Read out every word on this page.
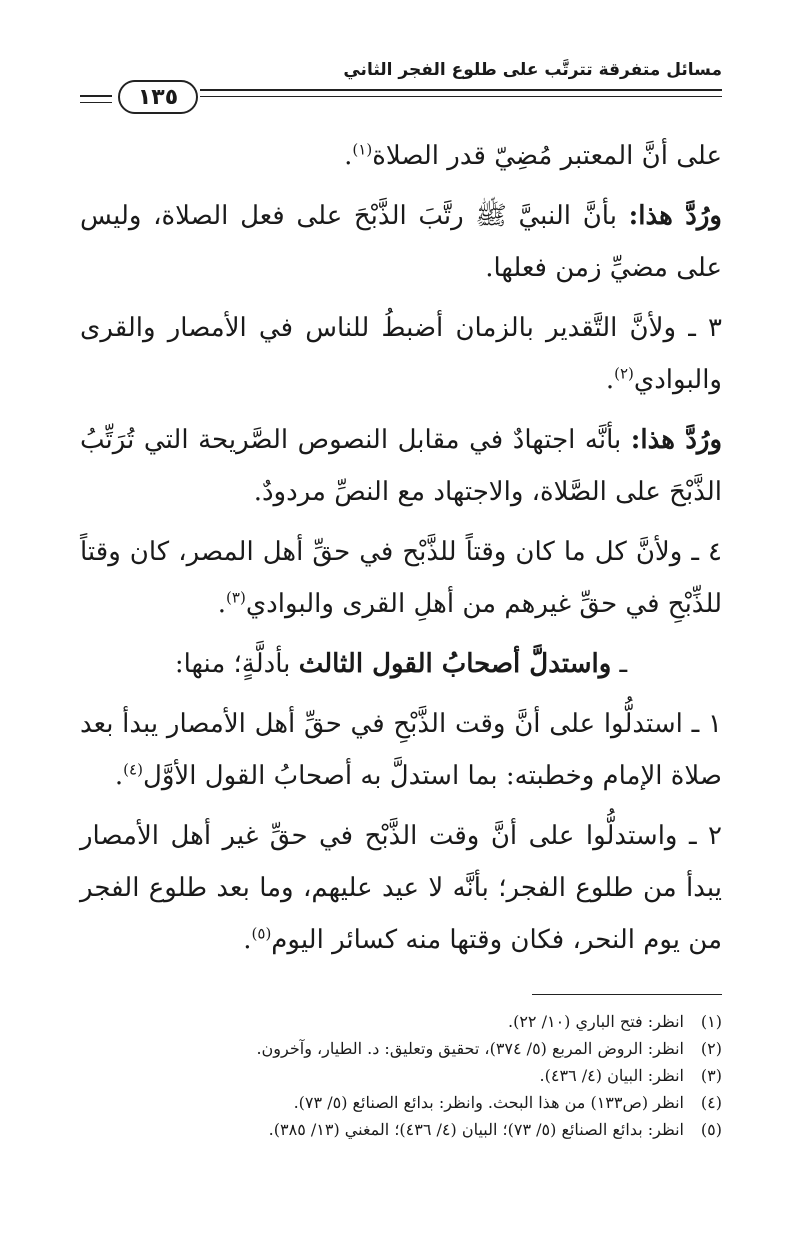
مسائل متفرقة تترتَّب على طلوع الفجر الثاني
١٣٥

على أنَّ المعتبر مُضِيّ قدر الصلاة$^{(١)}$.

ورُدَّ هذا: بأنَّ النبيَّ ﷺ رتَّبَ الذَّبْحَ على فعل الصلاة، وليس على مضيِّ زمن فعلها.

٣ ـ ولأنَّ التَّقدير بالزمان أضبطُ للناس في الأمصار والقرى والبوادي$^{(٢)}$.

ورُدَّ هذا: بأنَّه اجتهادٌ في مقابل النصوص الصَّريحة التي تُرَتِّبُ الذَّبْحَ على الصَّلاة، والاجتهاد مع النصِّ مردودٌ.

٤ ـ ولأنَّ كل ما كان وقتاً للذَّبْح في حقِّ أهل المصر، كان وقتاً للذِّبْحِ في حقِّ غيرهم من أهلِ القرى والبوادي$^{(٣)}$.

ـ واستدلَّ أصحابُ القول الثالث بأدلَّةٍ؛ منها:

١ ـ استدلُّوا على أنَّ وقت الذَّبْحِ في حقِّ أهل الأمصار يبدأ بعد صلاة الإمام وخطبته: بما استدلَّ به أصحابُ القول الأوَّل$^{(٤)}$.

٢ ـ واستدلُّوا على أنَّ وقت الذَّبْح في حقِّ غير أهل الأمصار يبدأ من طلوع الفجر؛ بأنَّه لا عيد عليهم، وما بعد طلوع الفجر من يوم النحر، فكان وقتها منه كسائر اليوم$^{(٥)}$.

(١)
انظر: فتح الباري (١٠/ ٢٢).
(٢)
انظر: الروض المربع (٥/ ٣٧٤)، تحقيق وتعليق: د. الطيار، وآخرون.
(٣)
انظر: البيان (٤/ ٤٣٦).
(٤)
انظر (ص١٣٣) من هذا البحث. وانظر: بدائع الصنائع (٥/ ٧٣).
(٥)
انظر: بدائع الصنائع (٥/ ٧٣)؛ البيان (٤/ ٤٣٦)؛ المغني (١٣/ ٣٨٥).
